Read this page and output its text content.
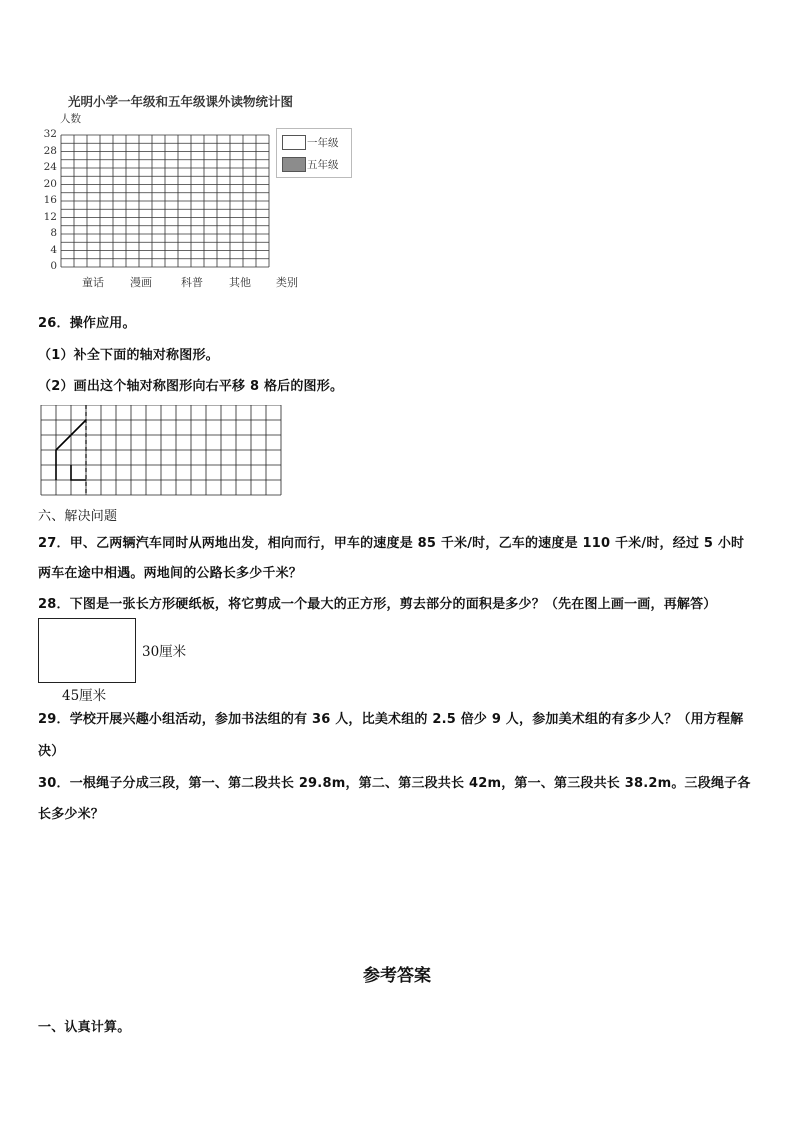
光明小学一年级和五年级课外读物统计图
人数
32
28
24
20
16
12
8
4
0
童话 漫画	科普 其他 类别
一年级
五年级
26．操作应用。
（1）补全下面的轴对称图形。
（2）画出这个轴对称图形向右平移 8 格后的图形。
六、解决问题
27．甲、乙两辆汽车同时从两地出发，相向而行，甲车的速度是 85 千米/时，乙车的速度是 110 千米/时，经过 5 小时
两车在途中相遇。两地间的公路长多少千米？
28．下图是一张长方形硬纸板，将它剪成一个最大的正方形，剪去部分的面积是多少？（先在图上画一画，再解答）
30厘米
45厘米
29．学校开展兴趣小组活动，参加书法组的有 36 人，比美术组的 2.5 倍少 9 人，参加美术组的有多少人？（用方程解
决）
30．一根绳子分成三段，第一、第二段共长 29.8m，第二、第三段共长 42m，第一、第三段共长 38.2m。三段绳子各
长多少米？
参考答案
一、认真计算。
